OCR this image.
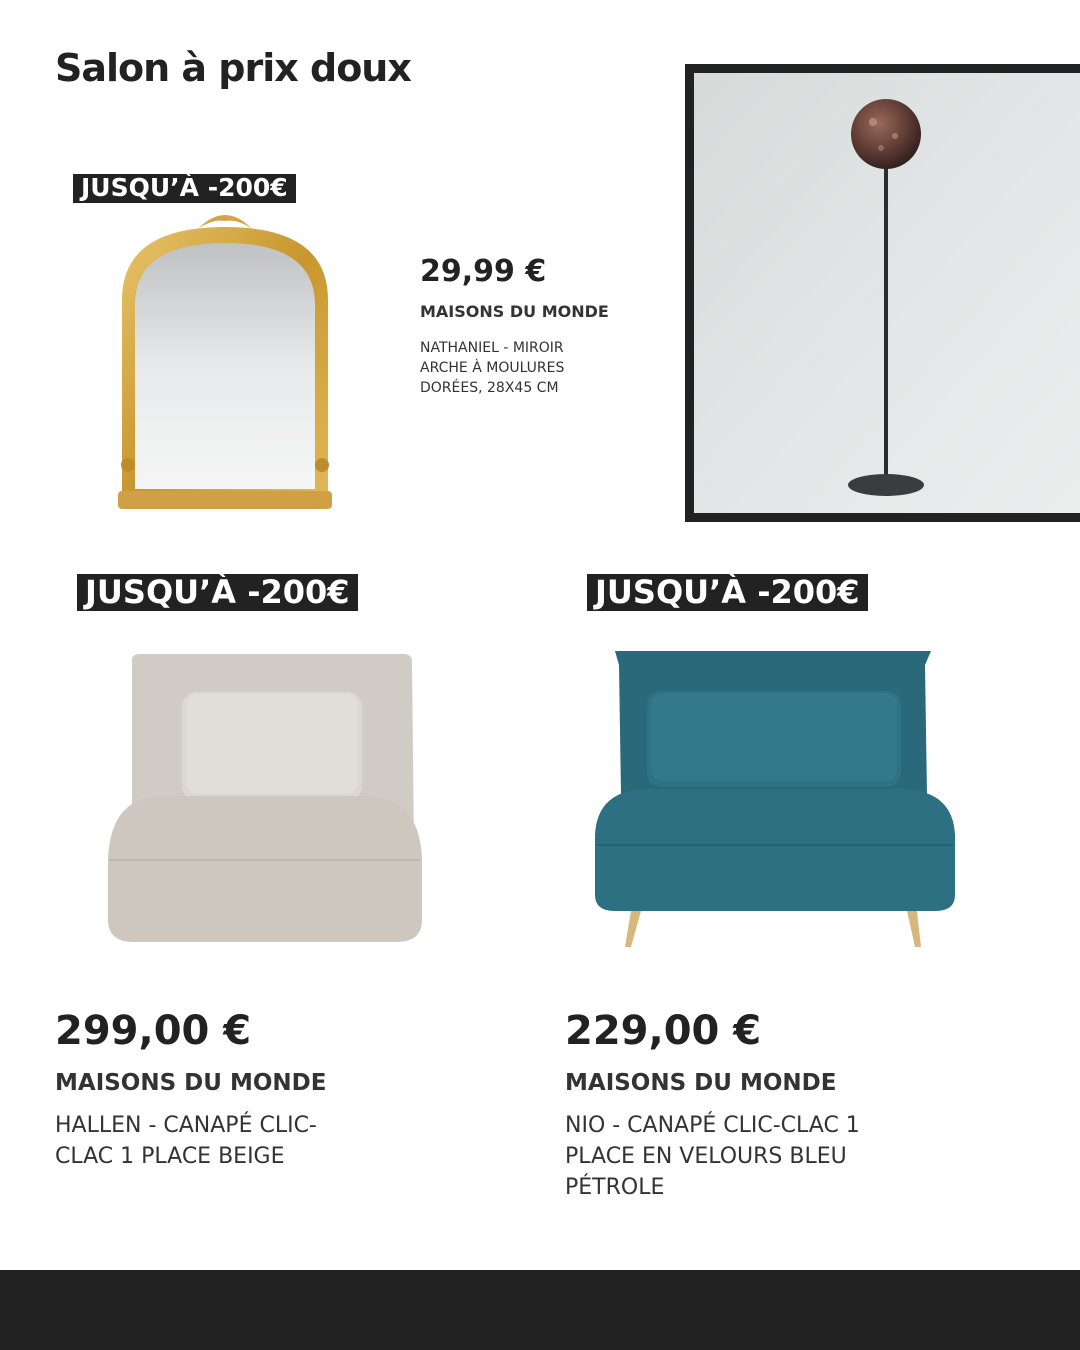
Salon à prix doux
JUSQU’À -200€
29,99 €
MAISONS DU MONDE

NATHANIEL - MIROIR ARCHE À MOULURES DORÉES, 28X45 CM

JUSQU’À -200€
299,00 €
MAISONS DU MONDE

HALLEN - CANAPÉ CLIC-CLAC 1 PLACE BEIGE

JUSQU’À -200€
229,00 €
MAISONS DU MONDE

NIO - CANAPÉ CLIC-CLAC 1 PLACE EN VELOURS BLEU PÉTROLE
